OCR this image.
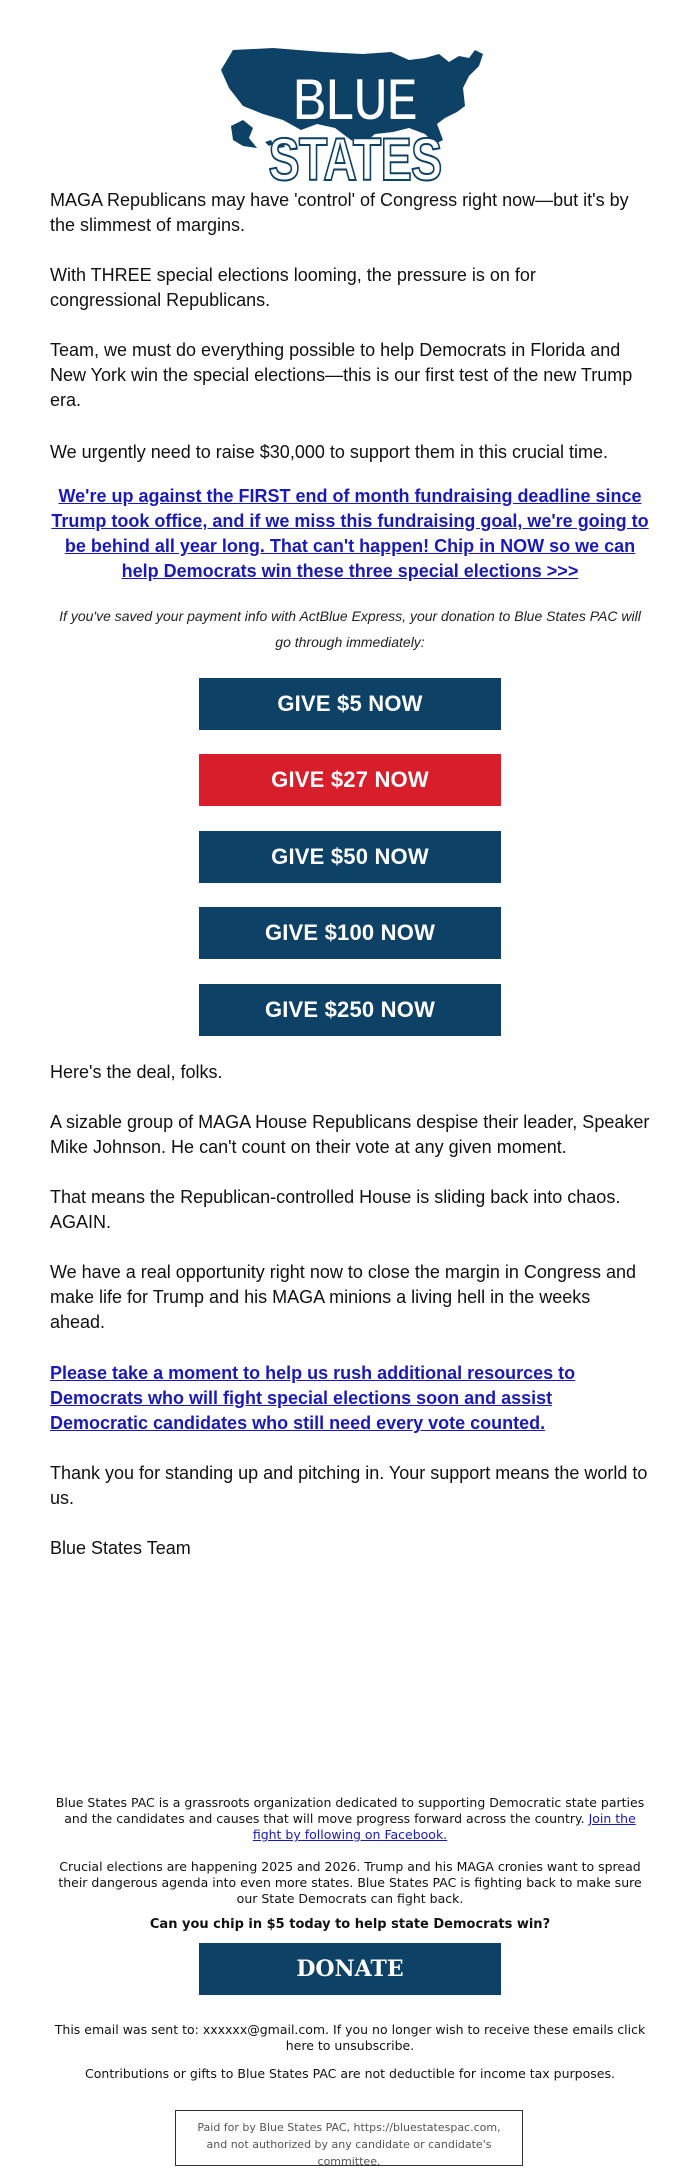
BLUE STATES

MAGA Republicans may have 'control' of Congress right now—but it's by the slimmest of margins.

With THREE special elections looming, the pressure is on for congressional Republicans.

Team, we must do everything possible to help Democrats in Florida and New York win the special elections—this is our first test of the new Trump era.

We urgently need to raise $30,000 to support them in this crucial time.

We're up against the FIRST end of month fundraising deadline since Trump took office, and if we miss this fundraising goal, we're going to be behind all year long. That can't happen! Chip in NOW so we can help Democrats win these three special elections >>>

If you've saved your payment info with ActBlue Express, your donation to Blue States PAC will go through immediately:

GIVE $5 NOW
GIVE $27 NOW
GIVE $50 NOW
GIVE $100 NOW
GIVE $250 NOW

Here's the deal, folks.

A sizable group of MAGA House Republicans despise their leader, Speaker Mike Johnson. He can't count on their vote at any given moment.

That means the Republican-controlled House is sliding back into chaos. AGAIN.

We have a real opportunity right now to close the margin in Congress and make life for Trump and his MAGA minions a living hell in the weeks ahead.

Please take a moment to help us rush additional resources to Democrats who will fight special elections soon and assist Democratic candidates who still need every vote counted.

Thank you for standing up and pitching in. Your support means the world to us.

Blue States Team

Blue States PAC is a grassroots organization dedicated to supporting Democratic state parties and the candidates and causes that will move progress forward across the country. Join the fight by following on Facebook.

Crucial elections are happening 2025 and 2026. Trump and his MAGA cronies want to spread their dangerous agenda into even more states. Blue States PAC is fighting back to make sure our State Democrats can fight back.

Can you chip in $5 today to help state Democrats win?

DONATE

This email was sent to: xxxxxx@gmail.com. If you no longer wish to receive these emails click here to unsubscribe.

Contributions or gifts to Blue States PAC are not deductible for income tax purposes.

Paid for by Blue States PAC, https://bluestatespac.com, and not authorized by any candidate or candidate's committee.
